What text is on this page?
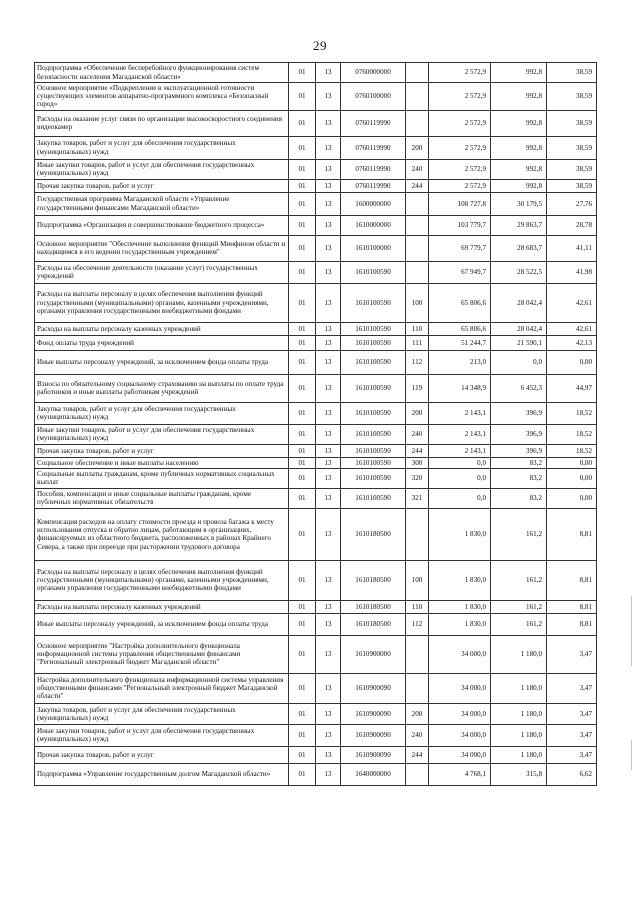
29
Подпрограмма «Обеспечение бесперебойного функционирования систем безопасности населения Магаданской области»	01	13	0760000000		2 572,9	992,8	38,59
Основное мероприятие «Подкрепление в эксплуатационной готовности существующих элементов аппаратно-программного комплекса «Безопасный город»	01	13	0760100000		2 572,9	992,8	38,59
Расходы на оказание услуг связи по организации высокоскоростного соединения видеокамер	01	13	0760119990		2 572,9	992,8	38,59
Закупка товаров, работ и услуг для обеспечения государственных (муниципальных) нужд	01	13	0760119990	200	2 572,9	992,8	38,59
Иные закупки товаров, работ и услуг для обеспечения государственных (муниципальных) нужд	01	13	0760119990	240	2 572,9	992,8	38,59
Прочая закупка товаров, работ и услуг	01	13	0760119990	244	2 572,9	992,8	38,59
Государственная программа Магаданской области «Управление государственными финансами Магаданской области»	01	13	1600000000		108 727,8	30 179,5	27,76
Подпрограмма «Организация и совершенствование бюджетного процесса»	01	13	1610000000		103 779,7	29 863,7	28,78
Основное мероприятие "Обеспечение выполнения функций Минфином области и находящимся в его ведении государственным учреждением"	01	13	1610100000		69 779,7	28 683,7	41,11
Расходы на обеспечение деятельности (оказание услуг) государственных учреждений	01	13	1610100590		67 949,7	28 522,5	41,98
Расходы на выплаты персоналу в целях обеспечения выполнения функций государственными (муниципальными) органами, казенными учреждениями, органами управления государственными внебюджетными фондами	01	13	1610100590	100	65 806,6	28 042,4	42,61
Расходы на выплаты персоналу казенных учреждений	01	13	1610100590	110	65 806,6	28 042,4	42,61
Фонд оплаты труда учреждений	01	13	1610100590	111	51 244,7	21 590,1	42,13
Иные выплаты персоналу учреждений, за исключением фонда оплаты труда	01	13	1610100590	112	213,0	0,0	0,00
Взносы по обязательному социальному страхованию на выплаты по оплате труда работников и иные выплаты работникам учреждений	01	13	1610100590	119	14 348,9	6 452,3	44,97
Закупка товаров, работ и услуг для обеспечения государственных (муниципальных) нужд	01	13	1610100590	200	2 143,1	396,9	18,52
Иные закупки товаров, работ и услуг для обеспечения государственных (муниципальных) нужд	01	13	1610100590	240	2 143,1	396,9	18,52
Прочая закупка товаров, работ и услуг	01	13	1610100590	244	2 143,1	396,9	18,52
Социальное обеспечение и иные выплаты населению	01	13	1610100590	300	0,0	83,2	0,00
Социальные выплаты гражданам, кроме публичных нормативных социальных выплат	01	13	1610100590	320	0,0	83,2	0,00
Пособия, компенсации и иные социальные выплаты гражданам, кроме публичных нормативных обязательств	01	13	1610100590	321	0,0	83,2	0,00
Компенсация расходов на оплату стоимости проезда и провоза багажа к месту использования отпуска и обратно лицам, работающим в организациях, финансируемых из областного бюджета, расположенных в районах Крайнего Севера, а также при переезде при расторжении трудового договора	01	13	1610180500		1 830,0	161,2	8,81
Расходы на выплаты персоналу в целях обеспечения выполнения функций государственными (муниципальными) органами, казенными учреждениями, органами управления государственными внебюджетными фондами	01	13	1610180500	100	1 830,0	161,2	8,81
Расходы на выплаты персоналу казенных учреждений	01	13	1610180500	110	1 830,0	161,2	8,81
Иные выплаты персоналу учреждений, за исключением фонда оплаты труда	01	13	1610180500	112	1 830,0	161,2	8,81
Основное мероприятие "Настройка дополнительного функционала информационной системы управления общественными финансами "Региональный электронный бюджет Магаданской области"	01	13	1610900000		34 000,0	1 180,0	3,47
Настройка дополнительного функционала информационной системы управления общественными финансами "Региональный электронный бюджет Магаданской области"	01	13	1610900090		34 000,0	1 180,0	3,47
Закупка товаров, работ и услуг для обеспечения государственных (муниципальных) нужд	01	13	1610900090	200	34 000,0	1 180,0	3,47
Иные закупки товаров, работ и услуг для обеспечения государственных (муниципальных) нужд	01	13	1610900090	240	34 000,0	1 180,0	3,47
Прочая закупка товаров, работ и услуг	01	13	1610900090	244	34 000,0	1 180,0	3,47
Подпрограмма «Управление государственным долгом Магаданской области»	01	13	1640000000		4 768,1	315,8	6,62
